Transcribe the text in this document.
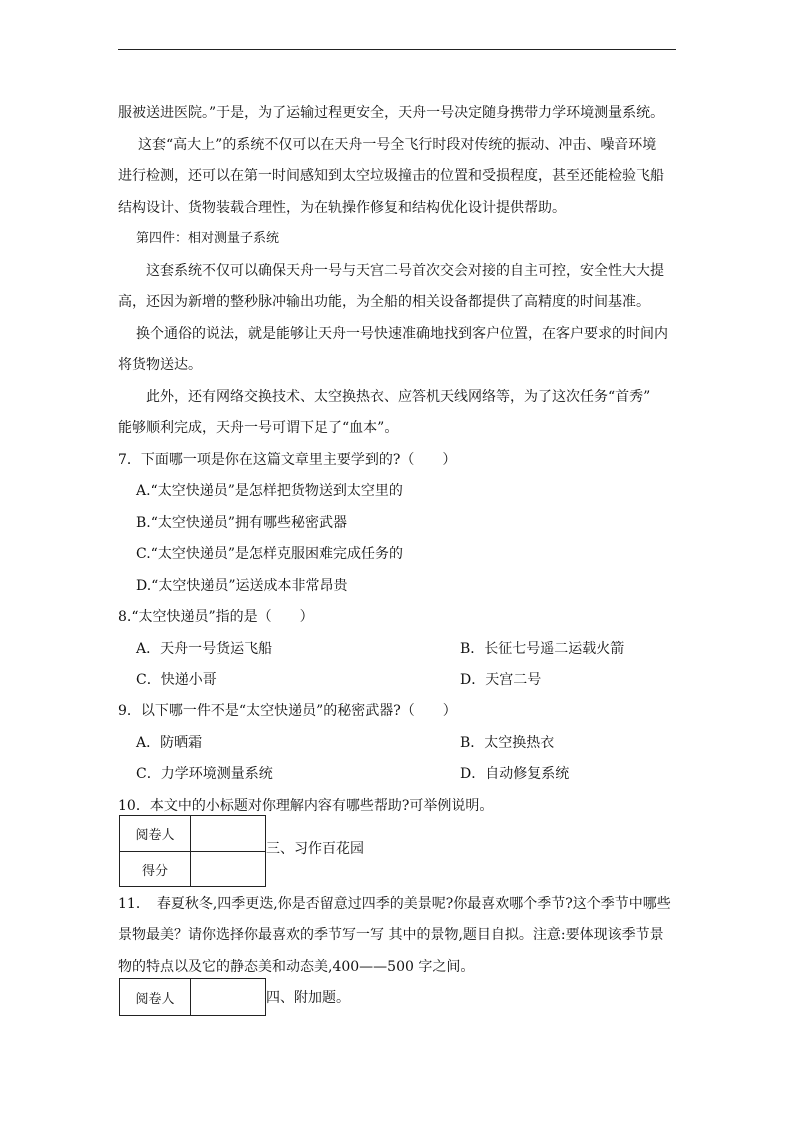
服被送进医院。”于是，为了运输过程更安全，天舟一号决定随身携带力学环境测量系统。
这套“高大上”的系统不仅可以在天舟一号全飞行时段对传统的振动、冲击、噪音环境
进行检测，还可以在第一时间感知到太空垃圾撞击的位置和受损程度，甚至还能检验飞船
结构设计、货物装载合理性，为在轨操作修复和结构优化设计提供帮助。
第四件：相对测量子系统
这套系统不仅可以确保天舟一号与天宫二号首次交会对接的自主可控，安全性大大提
高，还因为新增的整秒脉冲输出功能，为全船的相关设备都提供了高精度的时间基准。
换个通俗的说法，就是能够让天舟一号快速准确地找到客户位置，在客户要求的时间内
将货物送达。
此外，还有网络交换技术、太空换热衣、应答机天线网络等，为了这次任务“首秀”
能够顺利完成，天舟一号可谓下足了“血本”。
7．下面哪一项是你在这篇文章里主要学到的?（　　）
A.“太空快递员”是怎样把货物送到太空里的
B.“太空快递员”拥有哪些秘密武器
C.“太空快递员”是怎样克服困难完成任务的
D.“太空快递员”运送成本非常昂贵
8.“太空快递员”指的是（　　）
A．天舟一号货运飞船	B．长征七号遥二运载火箭
C．快递小哥	D．天宫二号
9．以下哪一件不是“太空快递员”的秘密武器?（　　）
A．防晒霜	B．太空换热衣
C．力学环境测量系统	D．自动修复系统
10．本文中的小标题对你理解内容有哪些帮助?可举例说明。
阅卷人	
得分	
三、习作百花园
11．　春夏秋冬,四季更迭,你是否留意过四季的美景呢?你最喜欢哪个季节?这个季节中哪些
景物最美？请你选择你最喜欢的季节写一写 其中的景物,题目自拟。注意:要体现该季节景
物的特点以及它的静态美和动态美,400——500 字之间。
阅卷人		四、附加题。
